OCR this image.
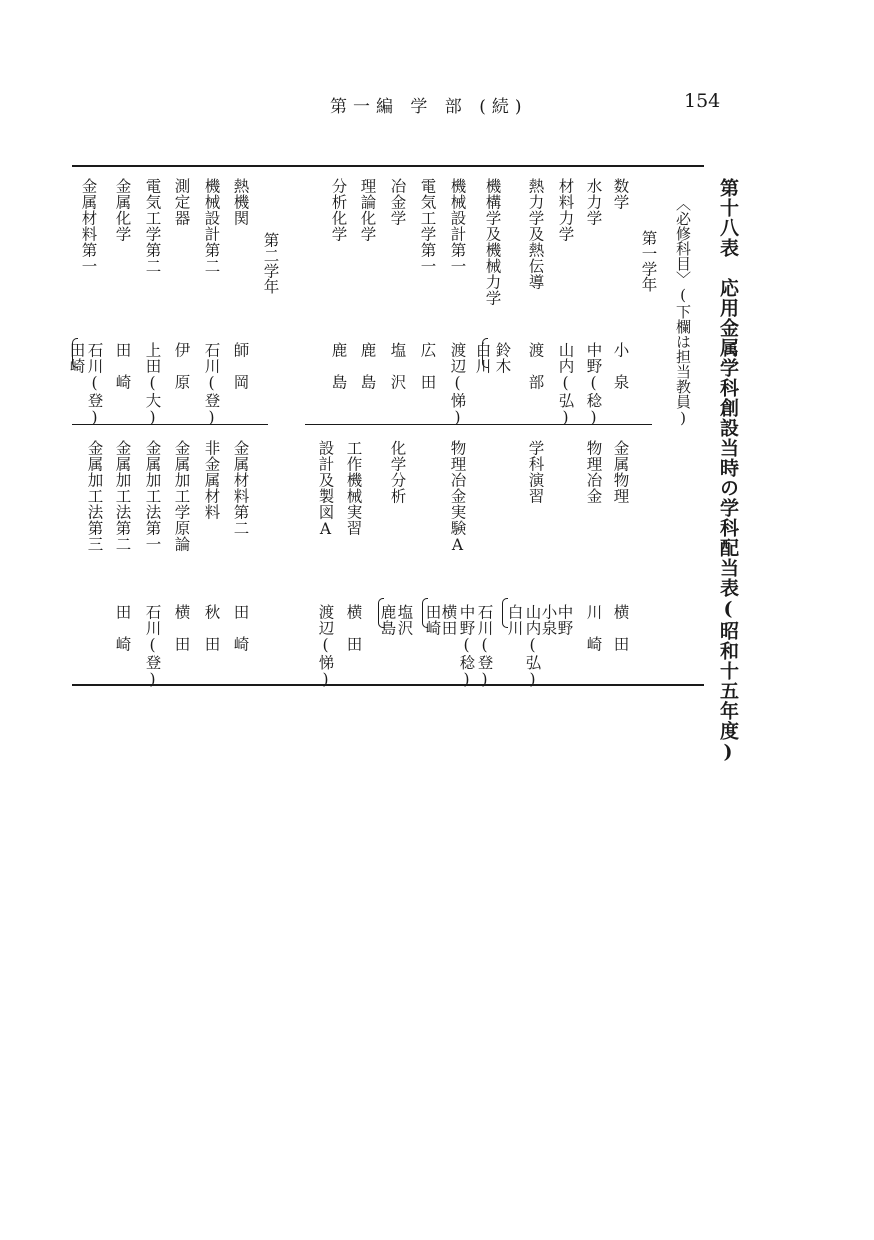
第一編 学 部 (続)	154
第十八表　応用金属学科創設当時の学科配当表(昭和十五年度)
〈必修科目〉(下欄は担当教員)
第一学年
第二学年
数学
水力学
材料力学
熱力学及熱伝導
機構学及機械力学
機械設計第一
電気工学第一
冶金学
理論化学
分析化学
熱機関
機械設計第二
測定器
電気工学第二
金属化学
金属材料第一
小　泉
中野(稔)
山内(弘)
渡　部
鈴木
白川
渡辺(悌)
広　田
塩　沢
鹿　島
鹿　島
師　岡
石川(登)
伊　原
上田(大)
田　崎
石川(登)
田崎
金属物理
物理冶金
学科演習
物理冶金実験A
化学分析
工作機械実習
設計及製図A
金属材料第二
非金属材料
金属加工学原論
金属加工法第一
金属加工法第二
金属加工法第三
横　田
川　崎
中野
小泉
山内(弘)
白川
石川(登)
中野(稔)
横田
田崎
塩沢
鹿島
横　田
渡辺(悌)
田　崎
秋　田
横　田
石川(登)
田　崎
